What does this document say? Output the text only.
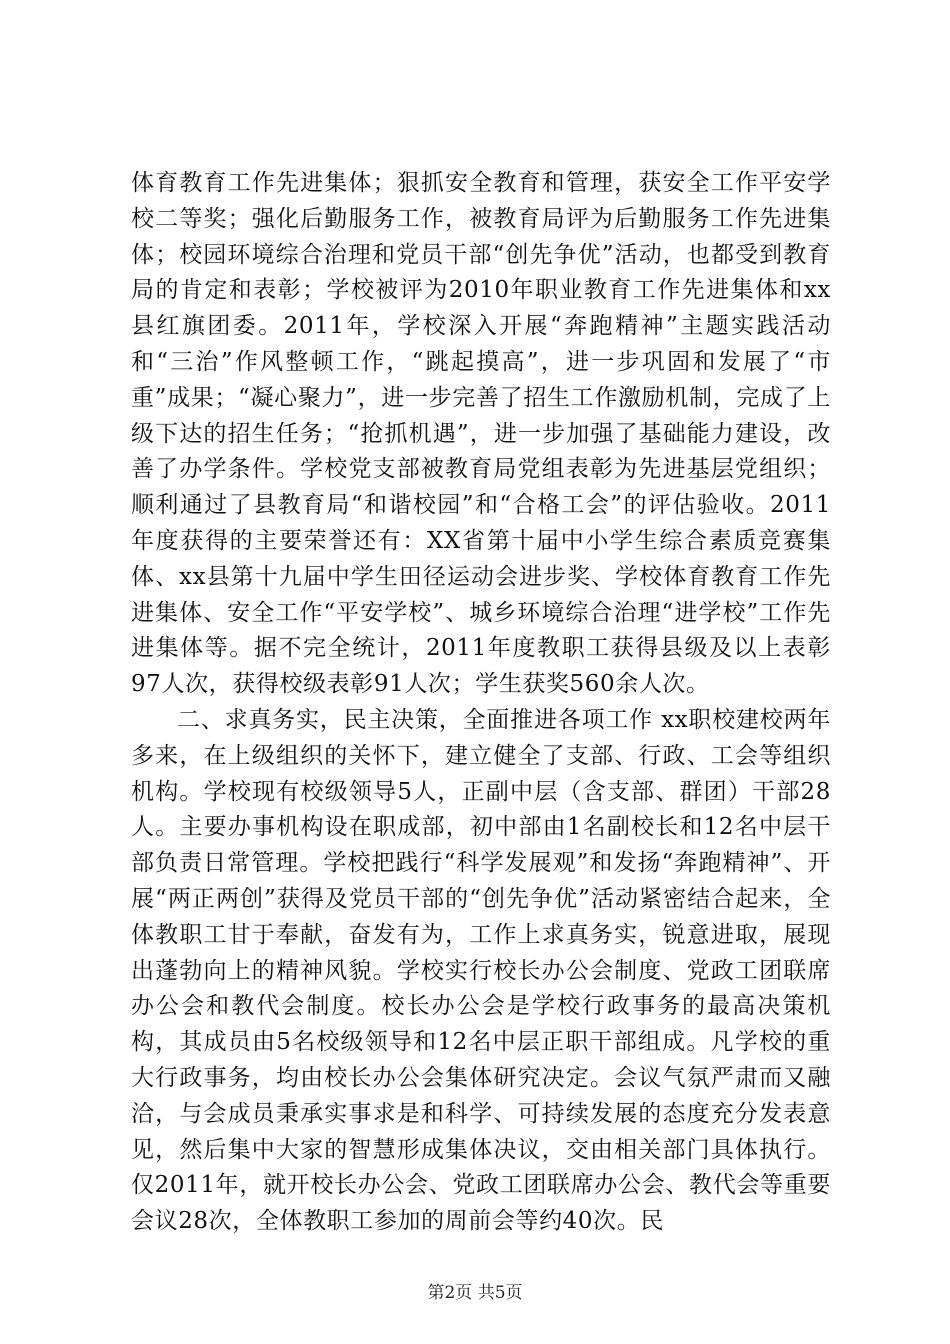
体育教育工作先进集体；狠抓安全教育和管理，获安全工作平安学校二等奖；强化后勤服务工作，被教育局评为后勤服务工作先进集体；校园环境综合治理和党员干部“创先争优”活动，也都受到教育局的肯定和表彰；学校被评为2010年职业教育工作先进集体和xx县红旗团委。2011年，学校深入开展“奔跑精神”主题实践活动和“三治”作风整顿工作，“跳起摸高”，进一步巩固和发展了“市重”成果；“凝心聚力”，进一步完善了招生工作激励机制，完成了上级下达的招生任务；“抢抓机遇”，进一步加强了基础能力建设，改善了办学条件。学校党支部被教育局党组表彰为先进基层党组织；顺利通过了县教育局“和谐校园”和“合格工会”的评估验收。2011年度获得的主要荣誉还有：XX省第十届中小学生综合素质竞赛集体、xx县第十九届中学生田径运动会进步奖、学校体育教育工作先进集体、安全工作“平安学校”、城乡环境综合治理“进学校”工作先进集体等。据不完全统计，2011年度教职工获得县级及以上表彰97人次，获得校级表彰91人次；学生获奖560余人次。

二、求真务实，民主决策，全面推进各项工作 xx职校建校两年多来，在上级组织的关怀下，建立健全了支部、行政、工会等组织机构。学校现有校级领导5人，正副中层（含支部、群团）干部28人。主要办事机构设在职成部，初中部由1名副校长和12名中层干部负责日常管理。学校把践行“科学发展观”和发扬“奔跑精神”、开展“两正两创”获得及党员干部的“创先争优”活动紧密结合起来，全体教职工甘于奉献，奋发有为，工作上求真务实，锐意进取，展现出蓬勃向上的精神风貌。学校实行校长办公会制度、党政工团联席办公会和教代会制度。校长办公会是学校行政事务的最高决策机构，其成员由5名校级领导和12名中层正职干部组成。凡学校的重大行政事务，均由校长办公会集体研究决定。会议气氛严肃而又融洽，与会成员秉承实事求是和科学、可持续发展的态度充分发表意见，然后集中大家的智慧形成集体决议，交由相关部门具体执行。仅2011年，就开校长办公会、党政工团联席办公会、教代会等重要会议28次，全体教职工参加的周前会等约40次。民

第2页 共5页
